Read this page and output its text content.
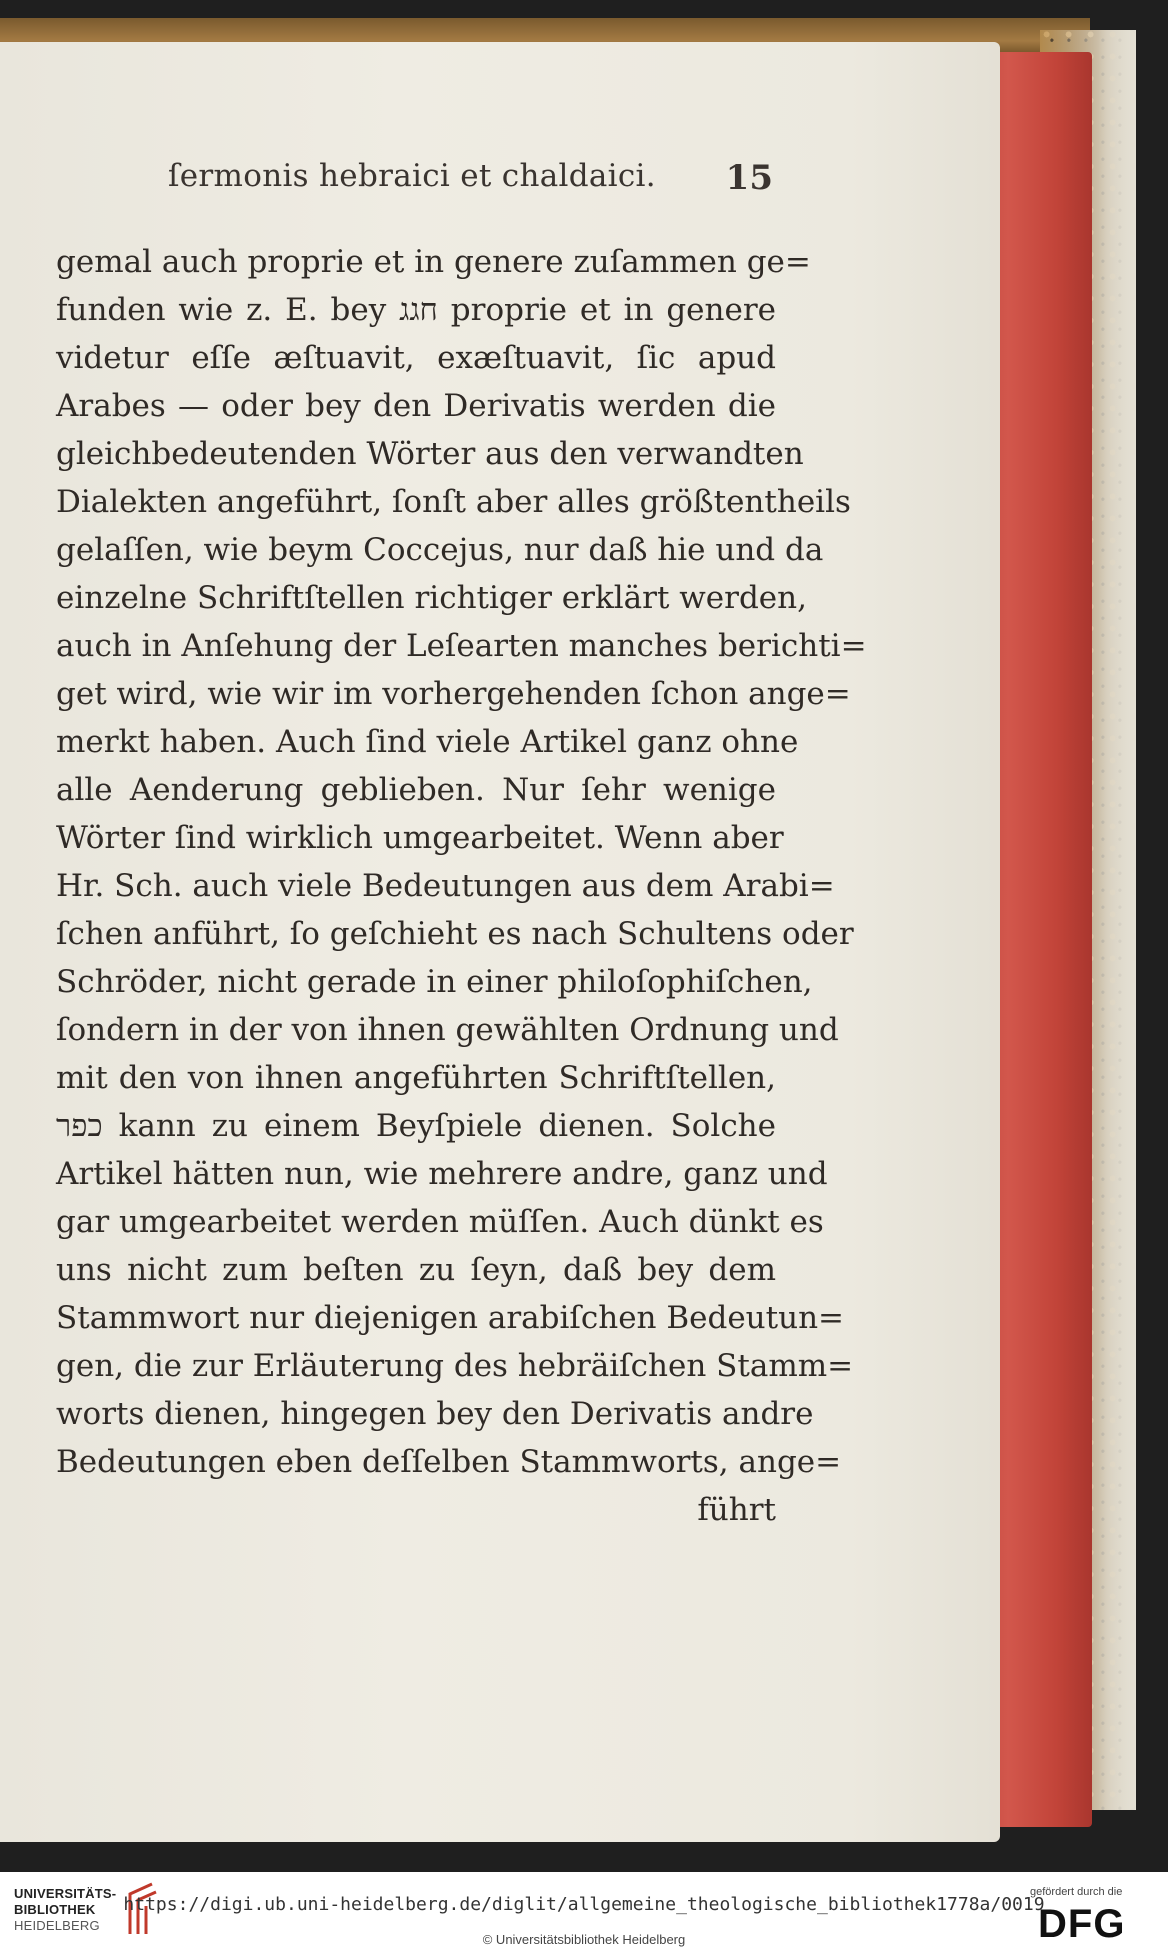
ſermonis hebraici et chaldaici. 15
gemal auch proprie et in genere zuſammen ge=
funden wie z. E. bey חגג proprie et in genere
videtur eſſe æſtuavit, exæſtuavit, ſic apud
Arabes — oder bey den Derivatis werden die
gleichbedeutenden Wörter aus den verwandten
Dialekten angeführt, ſonſt aber alles größtentheils
gelaſſen, wie beym Coccejus, nur daß hie und da
einzelne Schriftſtellen richtiger erklärt werden,
auch in Anſehung der Leſearten manches berichti=
get wird, wie wir im vorhergehenden ſchon ange=
merkt haben. Auch ſind viele Artikel ganz ohne
alle Aenderung geblieben. Nur ſehr wenige
Wörter ſind wirklich umgearbeitet. Wenn aber
Hr. Sch. auch viele Bedeutungen aus dem Arabi=
ſchen anführt, ſo geſchieht es nach Schultens oder
Schröder, nicht gerade in einer philoſophiſchen,
ſondern in der von ihnen gewählten Ordnung und
mit den von ihnen angeführten Schriftſtellen,
כפר kann zu einem Beyſpiele dienen. Solche
Artikel hätten nun, wie mehrere andre, ganz und
gar umgearbeitet werden müſſen. Auch dünkt es
uns nicht zum beſten zu ſeyn, daß bey dem
Stammwort nur diejenigen arabiſchen Bedeutun=
gen, die zur Erläuterung des hebräiſchen Stamm=
worts dienen, hingegen bey den Derivatis andre
Bedeutungen eben deſſelben Stammworts, ange=
führt
UNIVERSITÄTS-
BIBLIOTHEK
HEIDELBERG
https://digi.ub.uni-heidelberg.de/diglit/allgemeine_theologische_bibliothek1778a/0019
© Universitätsbibliothek Heidelberg
gefördert durch die
DFG
